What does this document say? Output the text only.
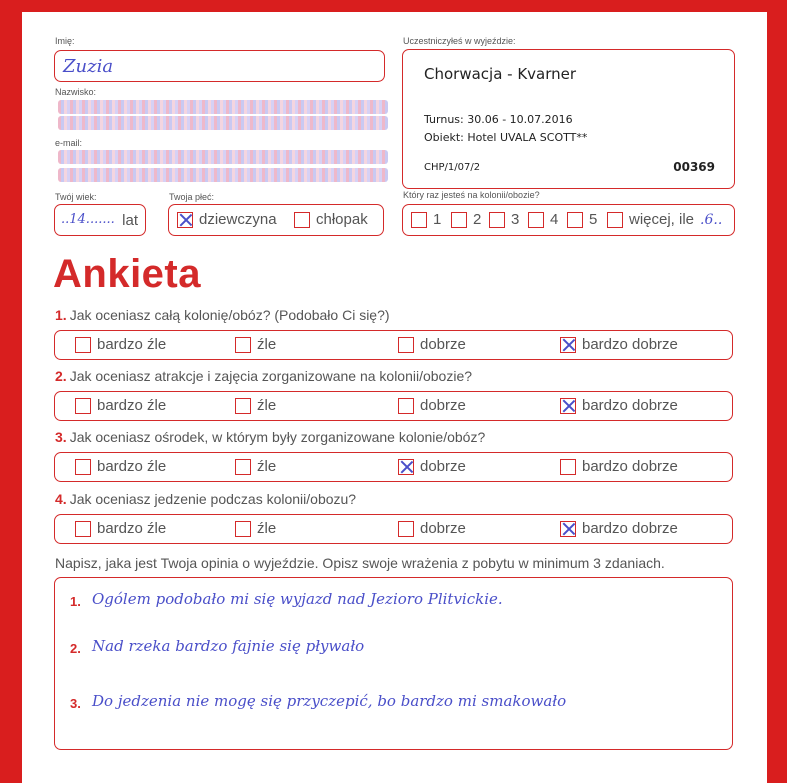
Imię:
Zuzia
Nazwisko:
e-mail:
Twój wiek:
..14....... lat
Twoja płeć:
dziewczyna	chłopak
Uczestniczyłeś w wyjeździe:
Chorwacja - Kvarner
Turnus: 30.06 - 10.07.2016
Obiekt: Hotel UVALA SCOTT**
CHP/1/07/2	00369
Który raz jesteś na kolonii/obozie?
1 2 3 4 5 więcej, ile .6..
Ankieta
1. Jak oceniasz całą kolonię/obóz? (Podobało Ci się?)
bardzo źle	źle	dobrze	bardzo dobrze
2. Jak oceniasz atrakcje i zajęcia zorganizowane na kolonii/obozie?
bardzo źle	źle	dobrze	bardzo dobrze
3. Jak oceniasz ośrodek, w którym były zorganizowane kolonie/obóz?
bardzo źle	źle	dobrze	bardzo dobrze
4. Jak oceniasz jedzenie podczas kolonii/obozu?
bardzo źle	źle	dobrze	bardzo dobrze
Napisz, jaka jest Twoja opinia o wyjeździe. Opisz swoje wrażenia z pobytu w minimum 3 zdaniach.
1. Ogólem podobało mi się wyjazd nad Jezioro Plitvickie.
2. Nad rzeka bardzo fajnie się pływało
3. Do jedzenia nie mogę się przyczepić, bo bardzo mi smakowało
